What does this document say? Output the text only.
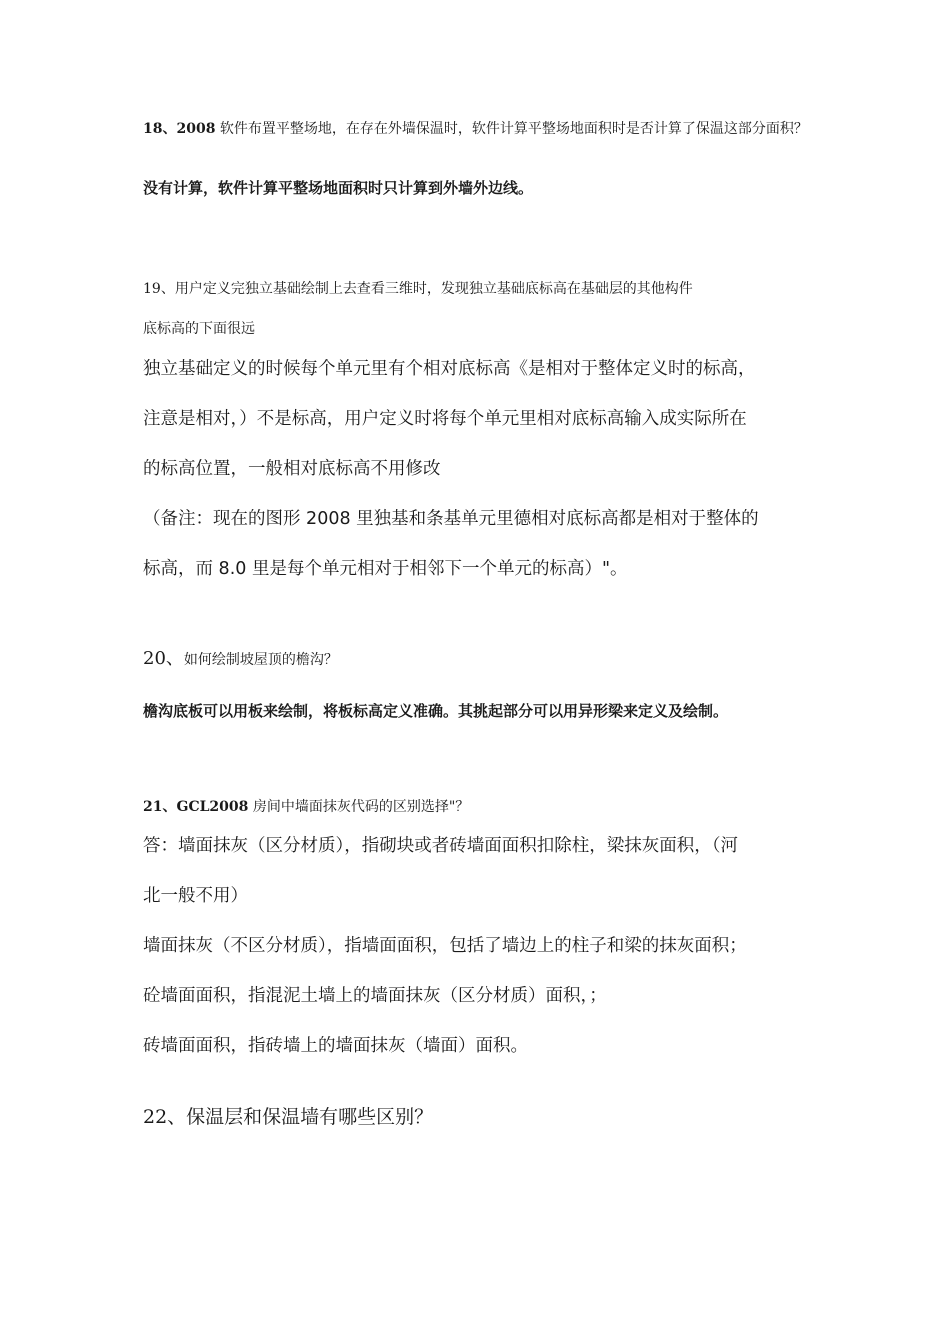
18、2008 软件布置平整场地，在存在外墙保温时，软件计算平整场地面积时是否计算了保温这部分面积？
没有计算，软件计算平整场地面积时只计算到外墙外边线。
19、用户定义完独立基础绘制上去查看三维时，发现独立基础底标高在基础层的其他构件
底标高的下面很远

独立基础定义的时候每个单元里有个相对底标高《是相对于整体定义时的标高，

注意是相对，）不是标高，用户定义时将每个单元里相对底标高输入成实际所在

的标高位置，一般相对底标高不用修改

（备注：现在的图形 2008 里独基和条基单元里德相对底标高都是相对于整体的

标高，而 8.0 里是每个单元相对于相邻下一个单元的标高）"。

20、如何绘制坡屋顶的檐沟？
檐沟底板可以用板来绘制，将板标高定义准确。其挑起部分可以用异形梁来定义及绘制。
21、GCL2008 房间中墙面抹灰代码的区别选择"？

答：墙面抹灰（区分材质），指砌块或者砖墙面面积扣除柱，梁抹灰面积，（河

北一般不用）

墙面抹灰（不区分材质），指墙面面积，包括了墙边上的柱子和梁的抹灰面积；

砼墙面面积，指混泥土墙上的墙面抹灰（区分材质）面积，；

砖墙面面积，指砖墙上的墙面抹灰（墙面）面积。

22、保温层和保温墙有哪些区别？
